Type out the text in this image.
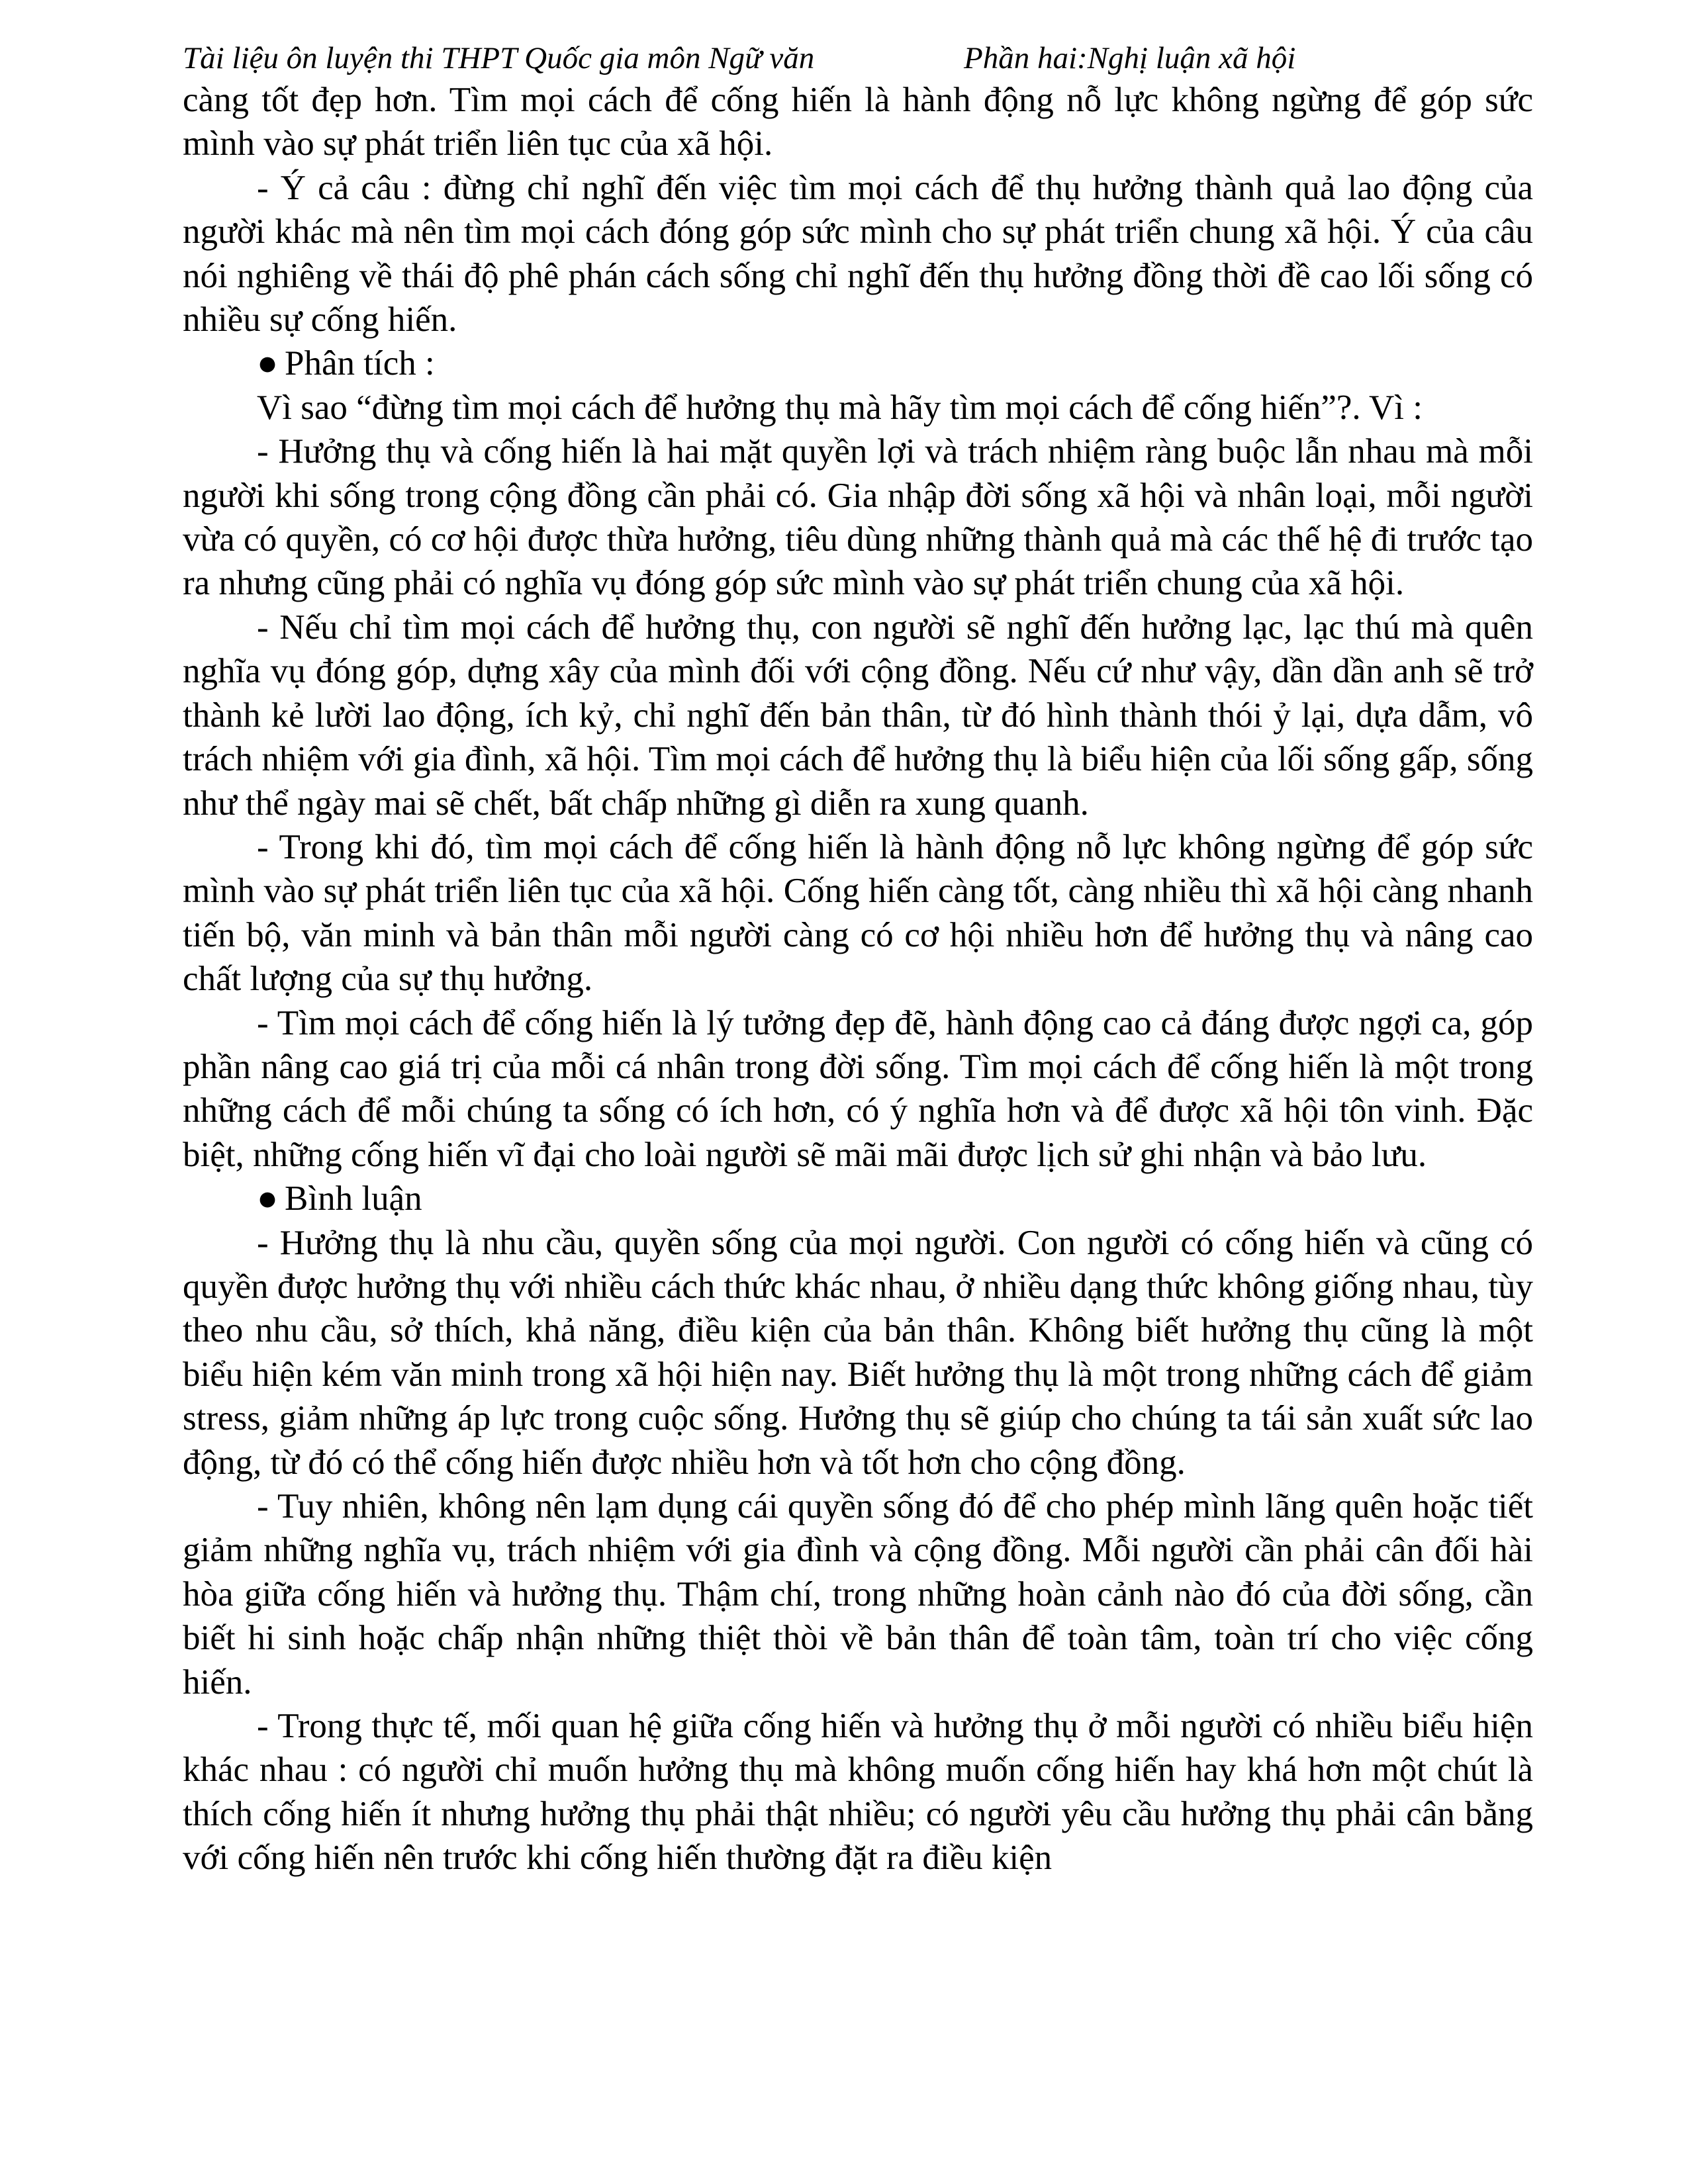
Tài liệu ôn luyện thi THPT Quốc gia môn Ngữ văn	Phần hai:Nghị luận xã hội

càng tốt đẹp hơn. Tìm mọi cách để cống hiến là hành động nỗ lực không ngừng để góp sức mình vào sự phát triển liên tục của xã hội.

- Ý cả câu : đừng chỉ nghĩ đến việc tìm mọi cách để thụ hưởng thành quả lao động của người khác mà nên tìm mọi cách đóng góp sức mình cho sự phát triển chung xã hội. Ý của câu nói nghiêng về thái độ phê phán cách sống chỉ nghĩ đến thụ hưởng đồng thời đề cao lối sống có nhiều sự cống hiến.

● Phân tích :

Vì sao “đừng tìm mọi cách để hưởng thụ mà hãy tìm mọi cách để cống hiến”?. Vì :

- Hưởng thụ và cống hiến là hai mặt quyền lợi và trách nhiệm ràng buộc lẫn nhau mà mỗi người khi sống trong cộng đồng cần phải có. Gia nhập đời sống xã hội và nhân loại, mỗi người vừa có quyền, có cơ hội được thừa hưởng, tiêu dùng những thành quả mà các thế hệ đi trước tạo ra nhưng cũng phải có nghĩa vụ đóng góp sức mình vào sự phát triển chung của xã hội.

- Nếu chỉ tìm mọi cách để hưởng thụ, con người sẽ nghĩ đến hưởng lạc, lạc thú mà quên nghĩa vụ đóng góp, dựng xây của mình đối với cộng đồng. Nếu cứ như vậy, dần dần anh sẽ trở thành kẻ lười lao động, ích kỷ, chỉ nghĩ đến bản thân, từ đó hình thành thói ỷ lại, dựa dẫm, vô trách nhiệm với gia đình, xã hội. Tìm mọi cách để hưởng thụ là biểu hiện của lối sống gấp, sống như thể ngày mai sẽ chết, bất chấp những gì diễn ra xung quanh.

- Trong khi đó, tìm mọi cách để cống hiến là hành động nỗ lực không ngừng để góp sức mình vào sự phát triển liên tục của xã hội. Cống hiến càng tốt, càng nhiều thì xã hội càng nhanh tiến bộ, văn minh và bản thân mỗi người càng có cơ hội nhiều hơn để hưởng thụ và nâng cao chất lượng của sự thụ hưởng.

- Tìm mọi cách để cống hiến là lý tưởng đẹp đẽ, hành động cao cả đáng được ngợi ca, góp phần nâng cao giá trị của mỗi cá nhân trong đời sống. Tìm mọi cách để cống hiến là một trong những cách để mỗi chúng ta sống có ích hơn, có ý nghĩa hơn và để được xã hội tôn vinh. Đặc biệt, những cống hiến vĩ đại cho loài người sẽ mãi mãi được lịch sử ghi nhận và bảo lưu.

● Bình luận

- Hưởng thụ là nhu cầu, quyền sống của mọi người. Con người có cống hiến và cũng có quyền được hưởng thụ với nhiều cách thức khác nhau, ở nhiều dạng thức không giống nhau, tùy theo nhu cầu, sở thích, khả năng, điều kiện của bản thân. Không biết hưởng thụ cũng là một biểu hiện kém văn minh trong xã hội hiện nay. Biết hưởng thụ là một trong những cách để giảm stress, giảm những áp lực trong cuộc sống. Hưởng thụ sẽ giúp cho chúng ta tái sản xuất sức lao động, từ đó có thể cống hiến được nhiều hơn và tốt hơn cho cộng đồng.

- Tuy nhiên, không nên lạm dụng cái quyền sống đó để cho phép mình lãng quên hoặc tiết giảm những nghĩa vụ, trách nhiệm với gia đình và cộng đồng. Mỗi người cần phải cân đối hài hòa giữa cống hiến và hưởng thụ. Thậm chí, trong những hoàn cảnh nào đó của đời sống, cần biết hi sinh hoặc chấp nhận những thiệt thòi về bản thân để toàn tâm, toàn trí cho việc cống hiến.

- Trong thực tế, mối quan hệ giữa cống hiến và hưởng thụ ở mỗi người có nhiều biểu hiện khác nhau : có người chỉ muốn hưởng thụ mà không muốn cống hiến hay khá hơn một chút là thích cống hiến ít nhưng hưởng thụ phải thật nhiều; có người yêu cầu hưởng thụ phải cân bằng với cống hiến nên trước khi cống hiến thường đặt ra điều kiện
